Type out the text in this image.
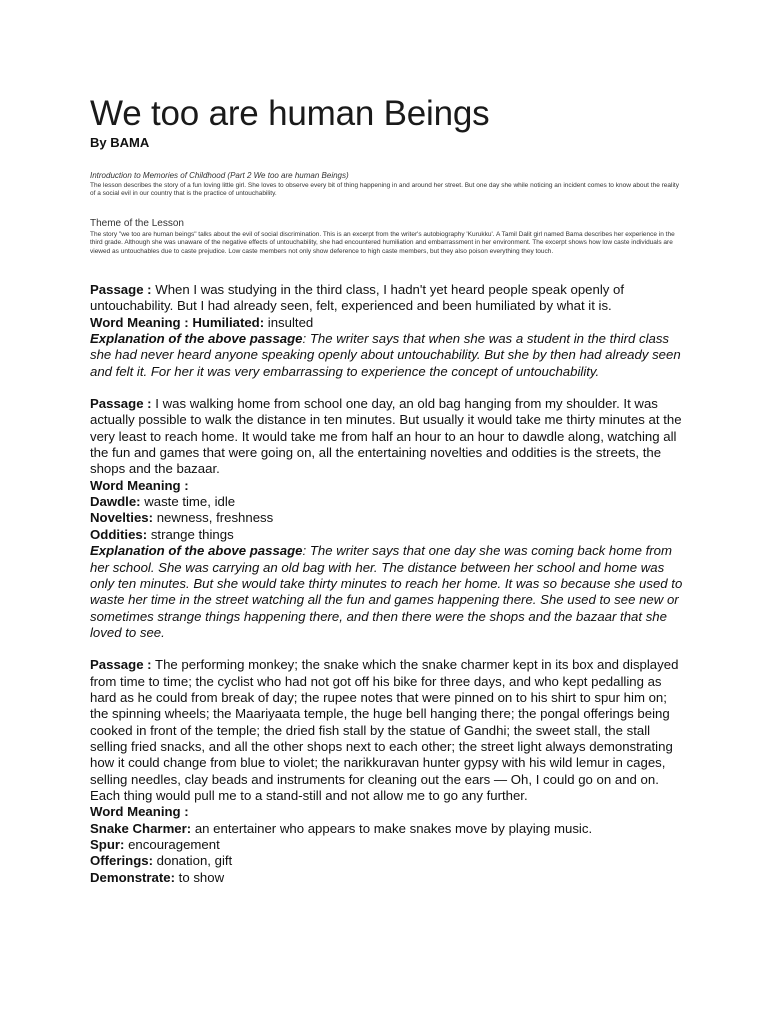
We too are human Beings

By BAMA

Introduction to Memories of Childhood (Part 2 We too are human Beings)

The lesson describes the story of a fun loving little girl. She loves to observe every bit of thing happening in and around her street. But one day she while noticing an incident comes to know about the reality of a social evil in our country that is the practice of untouchability.

Theme of the Lesson

The story "we too are human beings" talks about the evil of social discrimination. This is an excerpt from the writer's autobiography 'Kurukku'. A Tamil Dalit girl named Bama describes her experience in the third grade. Although she was unaware of the negative effects of untouchability, she had encountered humiliation and embarrassment in her environment. The excerpt shows how low caste individuals are viewed as untouchables due to caste prejudice. Low caste members not only show deference to high caste members, but they also poison everything they touch.

Passage : When I was studying in the third class, I hadn't yet heard people speak openly of untouchability. But I had already seen, felt, experienced and been humiliated by what it is.

Word Meaning : Humiliated: insulted

Explanation of the above passage: The writer says that when she was a student in the third class she had never heard anyone speaking openly about untouchability. But she by then had already seen and felt it. For her it was very embarrassing to experience the concept of untouchability.

Passage : I was walking home from school one day, an old bag hanging from my shoulder. It was actually possible to walk the distance in ten minutes. But usually it would take me thirty minutes at the very least to reach home. It would take me from half an hour to an hour to dawdle along, watching all the fun and games that were going on, all the entertaining novelties and oddities is the streets, the shops and the bazaar.

Word Meaning :

Dawdle: waste time, idle

Novelties: newness, freshness

Oddities: strange things

Explanation of the above passage: The writer says that one day she was coming back home from her school. She was carrying an old bag with her. The distance between her school and home was only ten minutes. But she would take thirty minutes to reach her home. It was so because she used to waste her time in the street watching all the fun and games happening there. She used to see new or sometimes strange things happening there, and then there were the shops and the bazaar that she loved to see.

Passage : The performing monkey; the snake which the snake charmer kept in its box and displayed from time to time; the cyclist who had not got off his bike for three days, and who kept pedalling as hard as he could from break of day; the rupee notes that were pinned on to his shirt to spur him on; the spinning wheels; the Maariyaata temple, the huge bell hanging there; the pongal offerings being cooked in front of the temple; the dried fish stall by the statue of Gandhi; the sweet stall, the stall selling fried snacks, and all the other shops next to each other; the street light always demonstrating how it could change from blue to violet; the narikkuravan hunter gypsy with his wild lemur in cages, selling needles, clay beads and instruments for cleaning out the ears — Oh, I could go on and on. Each thing would pull me to a stand-still and not allow me to go any further.

Word Meaning :

Snake Charmer: an entertainer who appears to make snakes move by playing music.

Spur: encouragement

Offerings: donation, gift

Demonstrate: to show
